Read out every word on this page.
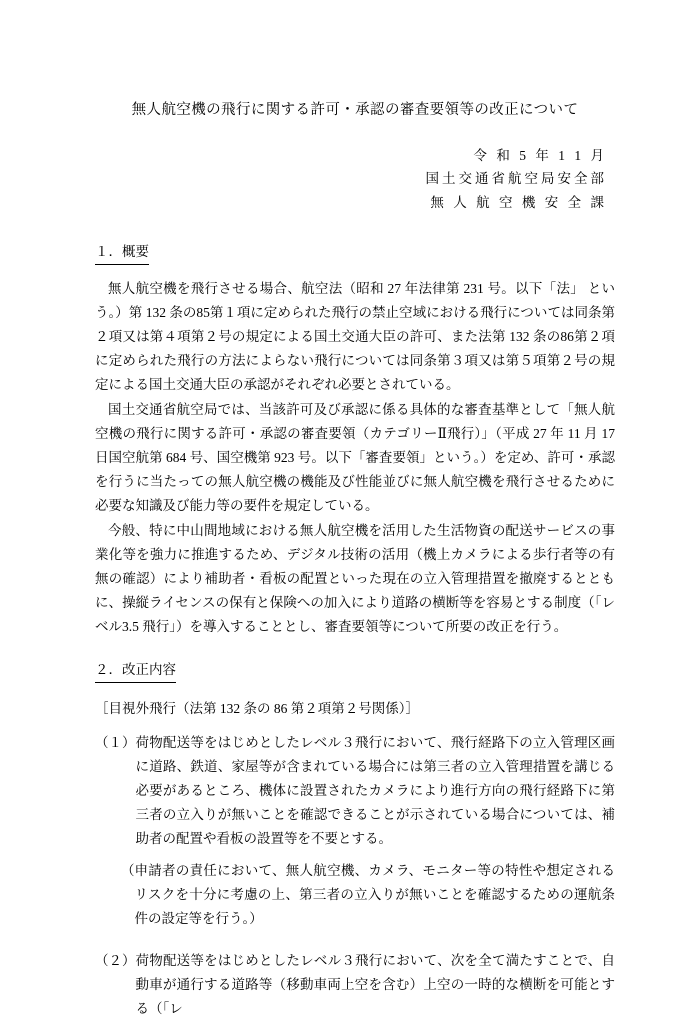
無人航空機の飛行に関する許可・承認の審査要領等の改正について
令 和 5 年 1 1 月
国土交通省航空局安全部
無 人 航 空 機 安 全 課
１．概要

無人航空機を飛行させる場合、航空法（昭和 27 年法律第 231 号。以下「法」 という。）第 132 条の85第１項に定められた飛行の禁止空域における飛行については同条第２項又は第４項第２号の規定による国土交通大臣の許可、また法第 132 条の86第２項に定められた飛行の方法によらない飛行については同条第３項又は第５項第２号の規定による国土交通大臣の承認がそれぞれ必要とされている。

国土交通省航空局では、当該許可及び承認に係る具体的な審査基準として「無人航空機の飛行に関する許可・承認の審査要領（カテゴリーⅡ飛行）」（平成 27 年 11 月 17 日国空航第 684 号、国空機第 923 号。以下「審査要領」という。）を定め、許可・承認を行うに当たっての無人航空機の機能及び性能並びに無人航空機を飛行させるために必要な知識及び能力等の要件を規定している。

今般、特に中山間地域における無人航空機を活用した生活物資の配送サービスの事業化等を強力に推進するため、デジタル技術の活用（機上カメラによる歩行者等の有無の確認）により補助者・看板の配置といった現在の立入管理措置を撤廃するとともに、操縦ライセンスの保有と保険への加入により道路の横断等を容易とする制度（「レベル3.5 飛行」）を導入することとし、審査要領等について所要の改正を行う。

２．改正内容

［目視外飛行（法第 132 条の 86 第２項第２号関係）］

（１） 荷物配送等をはじめとしたレベル３飛行において、飛行経路下の立入管理区画に道路、鉄道、家屋等が含まれている場合には第三者の立入管理措置を講じる必要があるところ、機体に設置されたカメラにより進行方向の飛行経路下に第三者の立入りが無いことを確認できることが示されている場合については、補助者の配置や看板の設置等を不要とする。
（ 申請者の責任において、無人航空機、カメラ、モニター等の特性や想定されるリスクを十分に考慮の上、第三者の立入りが無いことを確認するための運航条件の設定等を行う。）
（２） 荷物配送等をはじめとしたレベル３飛行において、次を全て満たすことで、自動車が通行する道路等（移動車両上空を含む）上空の一時的な横断を可能とする（「レ
